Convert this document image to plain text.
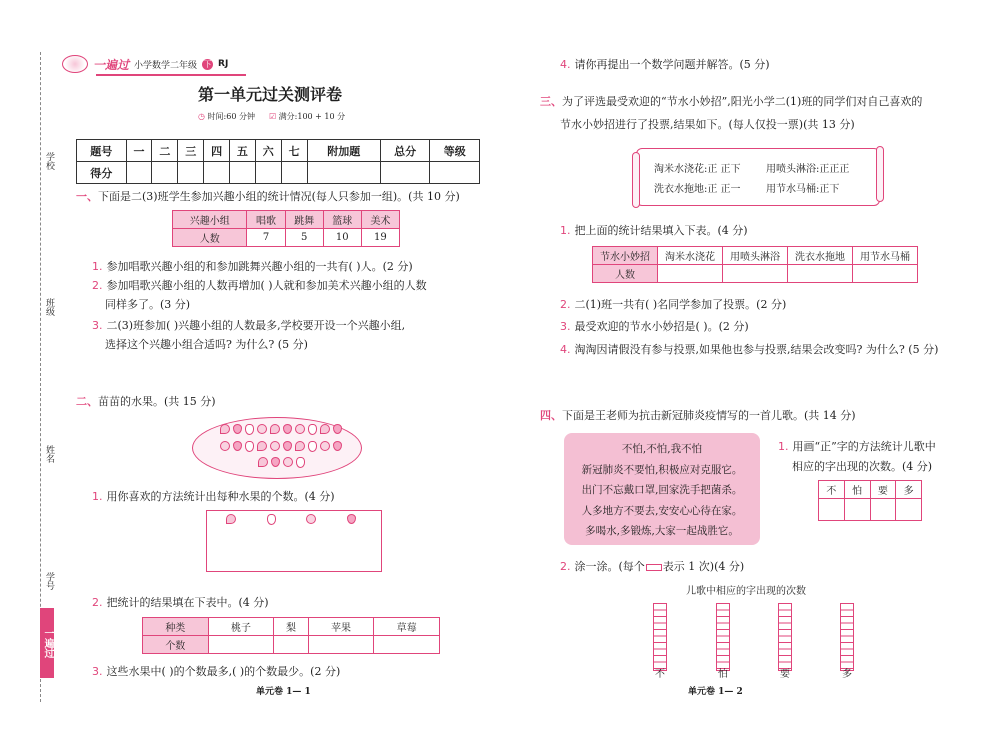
学校
班级
姓名
学号
一遍过
一遍过 小学数学二年级 下 RJ
第一单元过关测评卷
◷ 时间:60 分钟 ☑ 满分:100 + 10 分
题号	一	二	三	四	五	六	七	附加题	总分	等级
得分										
一、下面是二(3)班学生参加兴趣小组的统计情况(每人只参加一组)。(共 10 分)
兴趣小组	唱歌	跳舞	篮球	美术
人数	7	5	10	19
1. 参加唱歌兴趣小组的和参加跳舞兴趣小组的一共有( )人。(2 分)
2. 参加唱歌兴趣小组的人数再增加( )人就和参加美术兴趣小组的人数
同样多了。(3 分)
3. 二(3)班参加( )兴趣小组的人数最多,学校要开设一个兴趣小组,
选择这个兴趣小组合适吗? 为什么? (5 分)
二、苗苗的水果。(共 15 分)
1. 用你喜欢的方法统计出每种水果的个数。(4 分)
2. 把统计的结果填在下表中。(4 分)
种类	桃子	梨	苹果	草莓
个数				
3. 这些水果中( )的个数最多,( )的个数最少。(2 分)
单元卷 1— 1
4. 请你再提出一个数学问题并解答。(5 分)
三、为了评选最受欢迎的“节水小妙招”,阳光小学二(1)班的同学们对自己喜欢的
节水小妙招进行了投票,结果如下。(每人仅投一票)(共 13 分)
淘米水浇花:正 正下	用喷头淋浴:正正正
洗衣水拖地:正 正一	用节水马桶:正下
1. 把上面的统计结果填入下表。(4 分)
节水小妙招	淘米水浇花	用喷头淋浴	洗衣水拖地	用节水马桶
人数				
2. 二(1)班一共有( )名同学参加了投票。(2 分)
3. 最受欢迎的节水小妙招是( )。(2 分)
4. 淘淘因请假没有参与投票,如果他也参与投票,结果会改变吗? 为什么? (5 分)
四、下面是王老师为抗击新冠肺炎疫情写的一首儿歌。(共 14 分)
不怕,不怕,我不怕
新冠肺炎不要怕,积极应对克服它。
出门不忘戴口罩,回家洗手把菌杀。
人多地方不要去,安安心心待在家。
多喝水,多锻炼,大家一起战胜它。
1. 用画“正”字的方法统计儿歌中
相应的字出现的次数。(4 分)
不	怕	要	多

2. 涂一涂。(每个 表示 1 次)(4 分)
儿歌中相应的字出现的次数
不	怕	要	多
单元卷 1— 2
